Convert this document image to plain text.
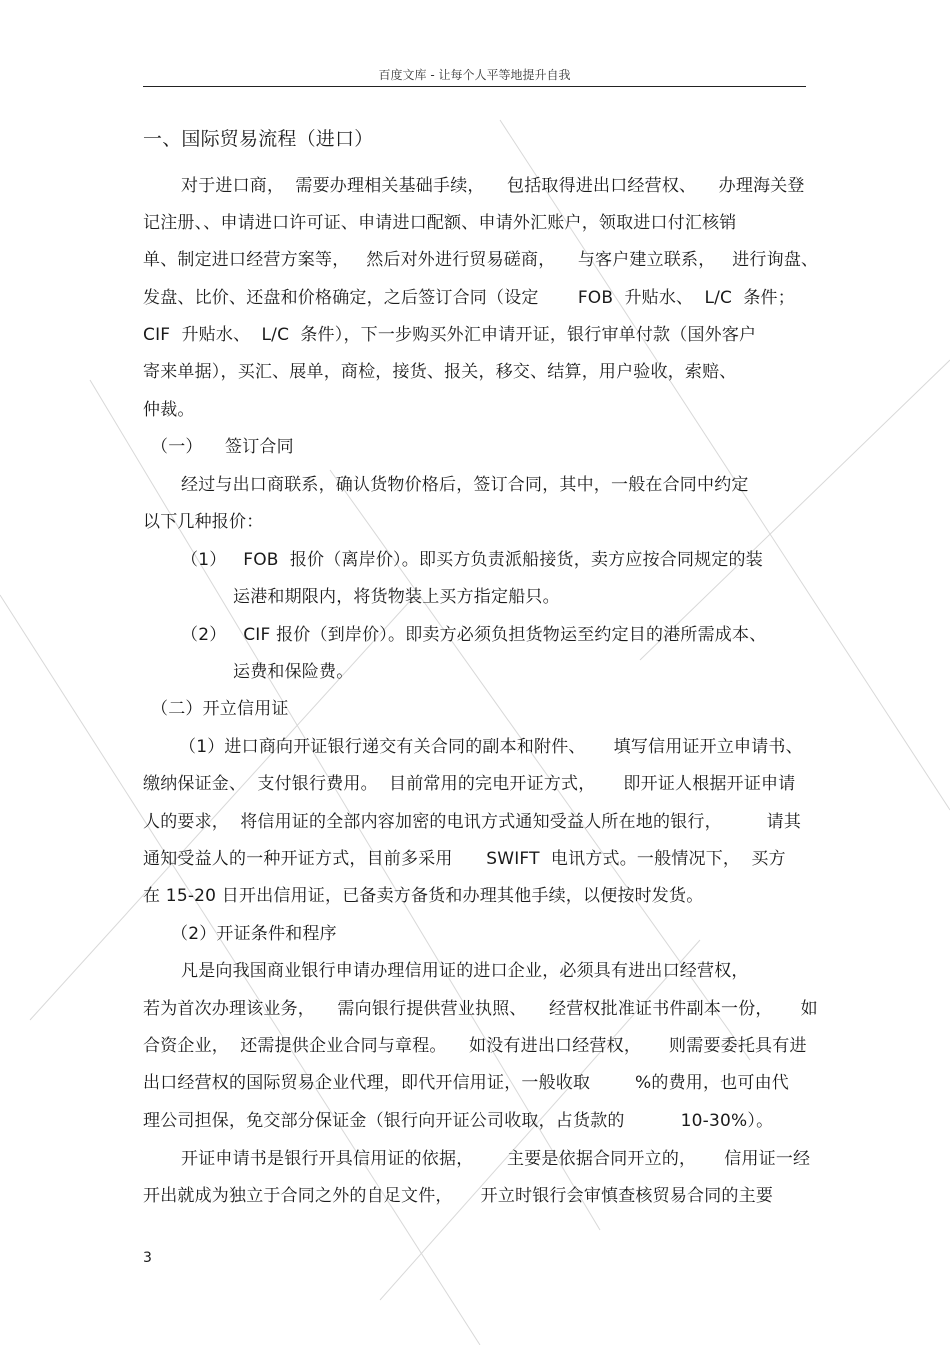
百度文库 - 让每个人平等地提升自我
一、国际贸易流程（进口）
对于进口商，  需要办理相关基础手续，    包括取得进出口经营权、    办理海关登
记注册、、申请进口许可证、申请进口配额、申请外汇账户，领取进口付汇核销
单、制定进口经营方案等，   然后对外进行贸易磋商，    与客户建立联系，   进行询盘、
发盘、比价、还盘和价格确定，之后签订合同（设定       FOB  升贴水、  L/C  条件；
CIF  升贴水、  L/C  条件），下一步购买外汇申请开证，银行审单付款（国外客户
寄来单据），买汇、展单，商检，接货、报关，移交、结算，用户验收，索赔、
仲裁。
（一）    签订合同
经过与出口商联系，确认货物价格后，签订合同，其中，一般在合同中约定
以下几种报价：
（1）   FOB  报价（离岸价）。即买方负责派船接货，卖方应按合同规定的装
运港和期限内，将货物装上买方指定船只。
（2）   CIF 报价（到岸价）。即卖方必须负担货物运至约定目的港所需成本、
运费和保险费。
（二）开立信用证
（1）进口商向开证银行递交有关合同的副本和附件、     填写信用证开立申请书、
缴纳保证金、  支付银行费用。  目前常用的完电开证方式，     即开证人根据开证申请
人的要求，  将信用证的全部内容加密的电讯方式通知受益人所在地的银行，        请其
通知受益人的一种开证方式，目前多采用      SWIFT  电讯方式。一般情况下，  买方
在 15-20 日开出信用证，已备卖方备货和办理其他手续，以便按时发货。
（2）开证条件和程序
凡是向我国商业银行申请办理信用证的进口企业，必须具有进出口经营权，
若为首次办理该业务，    需向银行提供营业执照、    经营权批准证书件副本一份，     如
合资企业，  还需提供企业合同与章程。    如没有进出口经营权，     则需要委托具有进
出口经营权的国际贸易企业代理，即代开信用证，一般收取        %的费用，也可由代
理公司担保，免交部分保证金（银行向开证公司收取，占货款的          10-30%）。
开证申请书是银行开具信用证的依据，      主要是依据合同开立的，     信用证一经
开出就成为独立于合同之外的自足文件，     开立时银行会审慎查核贸易合同的主要
3
